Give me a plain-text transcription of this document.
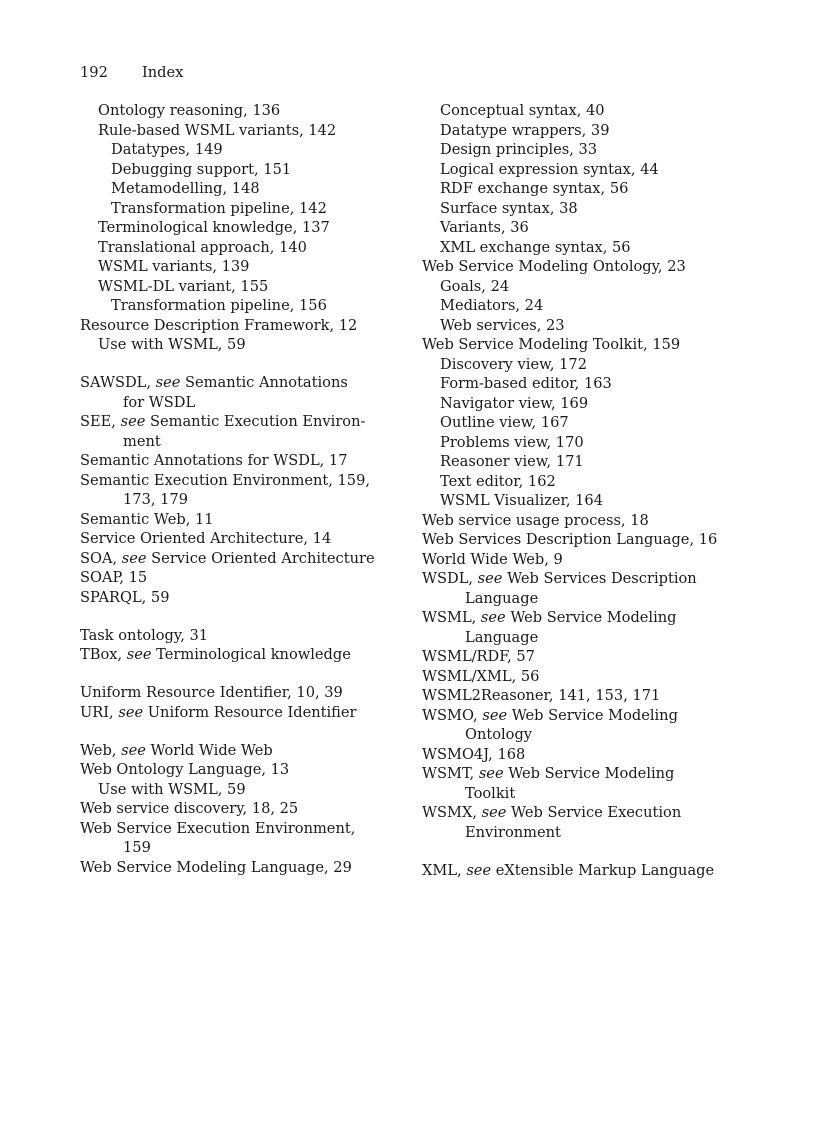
192	Index
Ontology reasoning, 136
Rule-based WSML variants, 142
Datatypes, 149
Debugging support, 151
Metamodelling, 148
Transformation pipeline, 142
Terminological knowledge, 137
Translational approach, 140
WSML variants, 139
WSML-DL variant, 155
Transformation pipeline, 156
Resource Description Framework, 12
Use with WSML, 59
SAWSDL, see Semantic Annotations
for WSDL
SEE, see Semantic Execution Environ-
ment
Semantic Annotations for WSDL, 17
Semantic Execution Environment, 159,
173, 179
Semantic Web, 11
Service Oriented Architecture, 14
SOA, see Service Oriented Architecture
SOAP, 15
SPARQL, 59
Task ontology, 31
TBox, see Terminological knowledge
Uniform Resource Identifier, 10, 39
URI, see Uniform Resource Identifier
Web, see World Wide Web
Web Ontology Language, 13
Use with WSML, 59
Web service discovery, 18, 25
Web Service Execution Environment,
159
Web Service Modeling Language, 29
Conceptual syntax, 40
Datatype wrappers, 39
Design principles, 33
Logical expression syntax, 44
RDF exchange syntax, 56
Surface syntax, 38
Variants, 36
XML exchange syntax, 56
Web Service Modeling Ontology, 23
Goals, 24
Mediators, 24
Web services, 23
Web Service Modeling Toolkit, 159
Discovery view, 172
Form-based editor, 163
Navigator view, 169
Outline view, 167
Problems view, 170
Reasoner view, 171
Text editor, 162
WSML Visualizer, 164
Web service usage process, 18
Web Services Description Language, 16
World Wide Web, 9
WSDL, see Web Services Description
Language
WSML, see Web Service Modeling
Language
WSML/RDF, 57
WSML/XML, 56
WSML2Reasoner, 141, 153, 171
WSMO, see Web Service Modeling
Ontology
WSMO4J, 168
WSMT, see Web Service Modeling
Toolkit
WSMX, see Web Service Execution
Environment
XML, see eXtensible Markup Language
